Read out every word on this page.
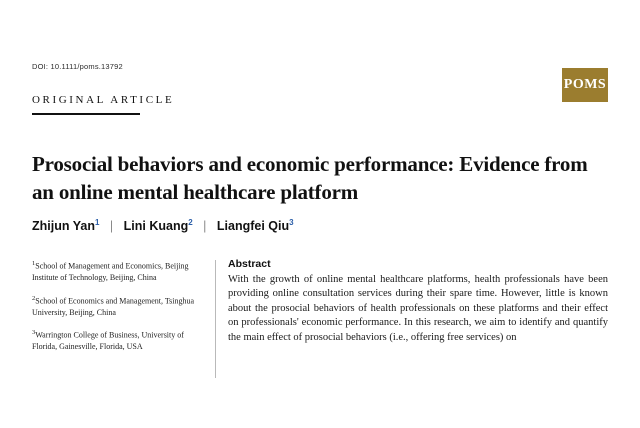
DOI: 10.1111/poms.13792
POMS
ORIGINAL ARTICLE
Prosocial behaviors and economic performance: Evidence from an online mental healthcare platform
Zhijun Yan$^1$ | Lini Kuang$^2$ | Liangfei Qiu$^3$
$^1$School of Management and Economics, Beijing Institute of Technology, Beijing, China
$^2$School of Economics and Management, Tsinghua University, Beijing, China
$^3$Warrington College of Business, University of Florida, Gainesville, Florida, USA
Abstract
With the growth of online mental healthcare platforms, health professionals have been providing online consultation services during their spare time. However, little is known about the prosocial behaviors of health professionals on these platforms and their effect on professionals' economic performance. In this research, we aim to identify and quantify the main effect of prosocial behaviors (i.e., offering free services) on
